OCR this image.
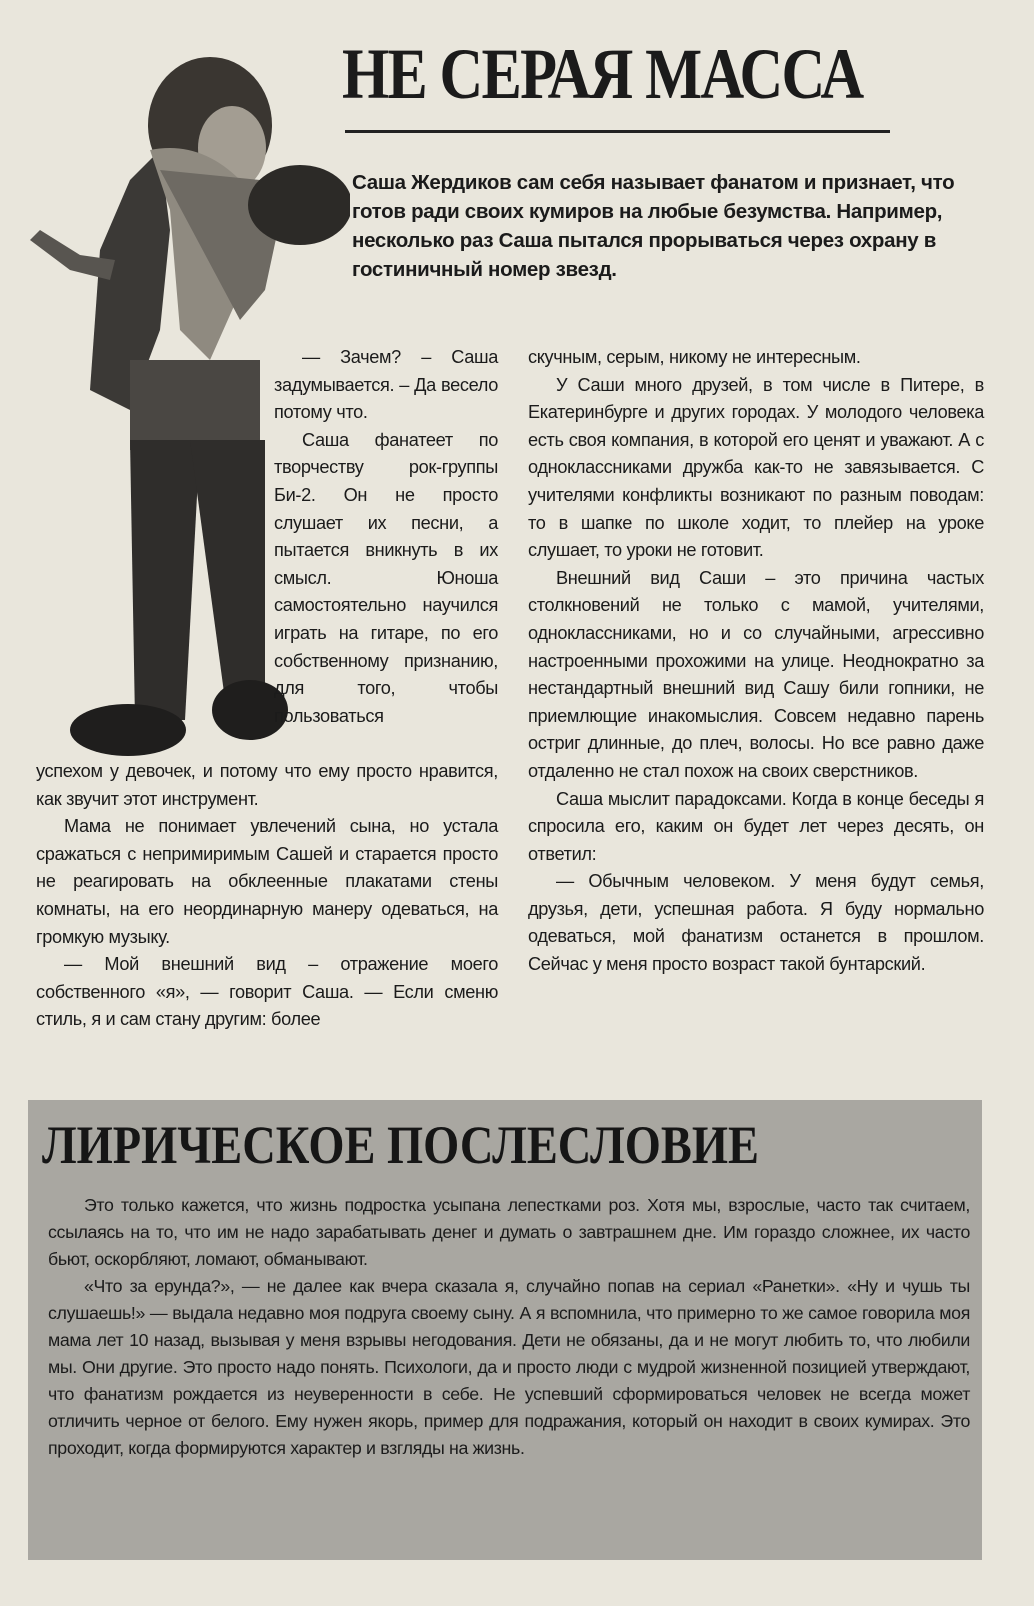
НЕ СЕРАЯ МАССА
Саша Жердиков сам себя называет фанатом и признает, что готов ради своих кумиров на любые безумства. Например, несколько раз Саша пытался прорываться через охрану в гостиничный номер звезд.

— Зачем? – Саша задумывается. – Да весело потому что.

Саша фанатеет по творчеству рок-группы Би-2. Он не просто слушает их песни, а пытается вникнуть в их смысл. Юноша самостоятельно научился играть на гитаре, по его собственному признанию, для того, чтобы пользоваться

успехом у девочек, и потому что ему просто нравится, как звучит этот инструмент.

Мама не понимает увлечений сына, но устала сражаться с непримиримым Сашей и старается просто не реагировать на обклеенные плакатами стены комнаты, на его неординарную манеру одеваться, на громкую музыку.

— Мой внешний вид – отражение моего собственного «я», — говорит Саша. — Если сменю стиль, я и сам стану другим: более

скучным, серым, никому не интересным.

У Саши много друзей, в том числе в Питере, в Екатеринбурге и других городах. У молодого человека есть своя компания, в которой его ценят и уважают. А с одноклассниками дружба как-то не завязывается. С учителями конфликты возникают по разным поводам: то в шапке по школе ходит, то плейер на уроке слушает, то уроки не готовит.

Внешний вид Саши – это причина частых столкновений не только с мамой, учителями, одноклассниками, но и со случайными, агрессивно настроенными прохожими на улице. Неоднократно за нестандартный внешний вид Сашу били гопники, не приемлющие инакомыслия. Совсем недавно парень остриг длинные, до плеч, волосы. Но все равно даже отдаленно не стал похож на своих сверстников.

Саша мыслит парадоксами. Когда в конце беседы я спросила его, каким он будет лет через десять, он ответил:

— Обычным человеком. У меня будут семья, друзья, дети, успешная работа. Я буду нормально одеваться, мой фанатизм останется в прошлом. Сейчас у меня просто возраст такой бунтарский.

ЛИРИЧЕСКОЕ ПОСЛЕСЛОВИЕ

Это только кажется, что жизнь подростка усыпана лепестками роз. Хотя мы, взрослые, часто так считаем, ссылаясь на то, что им не надо зарабатывать денег и думать о завтрашнем дне. Им гораздо сложнее, их часто бьют, оскорбляют, ломают, обманывают.

«Что за ерунда?», — не далее как вчера сказала я, случайно попав на сериал «Ранетки». «Ну и чушь ты слушаешь!» — выдала недавно моя подруга своему сыну. А я вспомнила, что примерно то же самое говорила моя мама лет 10 назад, вызывая у меня взрывы негодования. Дети не обязаны, да и не могут любить то, что любили мы. Они другие. Это просто надо понять. Психологи, да и просто люди с мудрой жизненной позицией утверждают, что фанатизм рождается из неуверенности в себе. Не успевший сформироваться человек не всегда может отличить черное от белого. Ему нужен якорь, пример для подражания, который он находит в своих кумирах. Это проходит, когда формируются характер и взгляды на жизнь.
